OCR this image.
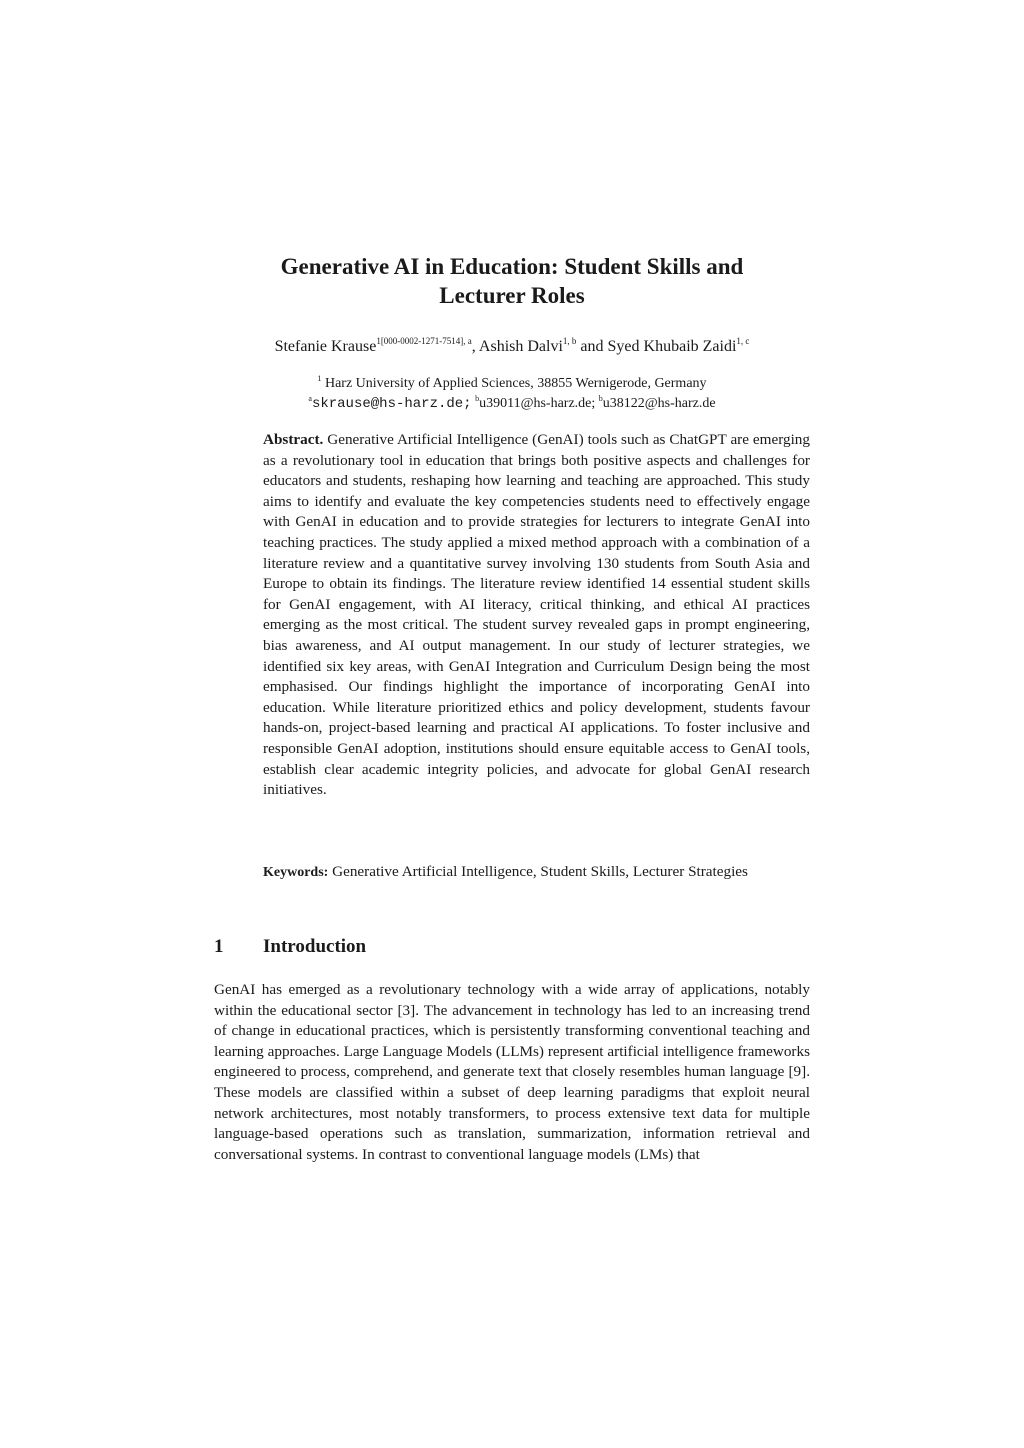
Generative AI in Education: Student Skills and
Lecturer Roles
Stefanie Krause$^{1[000-0002-1271-7514], a}$, Ashish Dalvi$^{1, b}$ and Syed Khubaib Zaidi$^{1, c}$
$^1$ Harz University of Applied Sciences, 38855 Wernigerode, Germany
$^a$skrause@hs-harz.de; $^b$u39011@hs-harz.de; $^b$u38122@hs-harz.de

Abstract. Generative Artificial Intelligence (GenAI) tools such as ChatGPT are emerging as a revolutionary tool in education that brings both positive aspects and challenges for educators and students, reshaping how learning and teaching are approached. This study aims to identify and evaluate the key competencies students need to effectively engage with GenAI in education and to provide strategies for lecturers to integrate GenAI into teaching practices. The study applied a mixed method approach with a combination of a literature review and a quantitative survey involving 130 students from South Asia and Europe to obtain its findings. The literature review identified 14 essential student skills for GenAI engagement, with AI literacy, critical thinking, and ethical AI practices emerging as the most critical. The student survey revealed gaps in prompt engineering, bias awareness, and AI output management. In our study of lecturer strategies, we identified six key areas, with GenAI Integration and Curriculum Design being the most emphasised. Our findings highlight the importance of incorporating GenAI into education. While literature prioritized ethics and policy development, students favour hands-on, project-based learning and practical AI applications. To foster inclusive and responsible GenAI adoption, institutions should ensure equitable access to GenAI tools, establish clear academic integrity policies, and advocate for global GenAI research initiatives.

Keywords: Generative Artificial Intelligence, Student Skills, Lecturer Strategies

1 Introduction

GenAI has emerged as a revolutionary technology with a wide array of applications, notably within the educational sector [3]. The advancement in technology has led to an increasing trend of change in educational practices, which is persistently transforming conventional teaching and learning approaches. Large Language Models (LLMs) represent artificial intelligence frameworks engineered to process, comprehend, and generate text that closely resembles human language [9]. These models are classified within a subset of deep learning paradigms that exploit neural network architectures, most notably transformers, to process extensive text data for multiple language-based operations such as translation, summarization, information retrieval and conversational systems. In contrast to conventional language models (LMs) that
